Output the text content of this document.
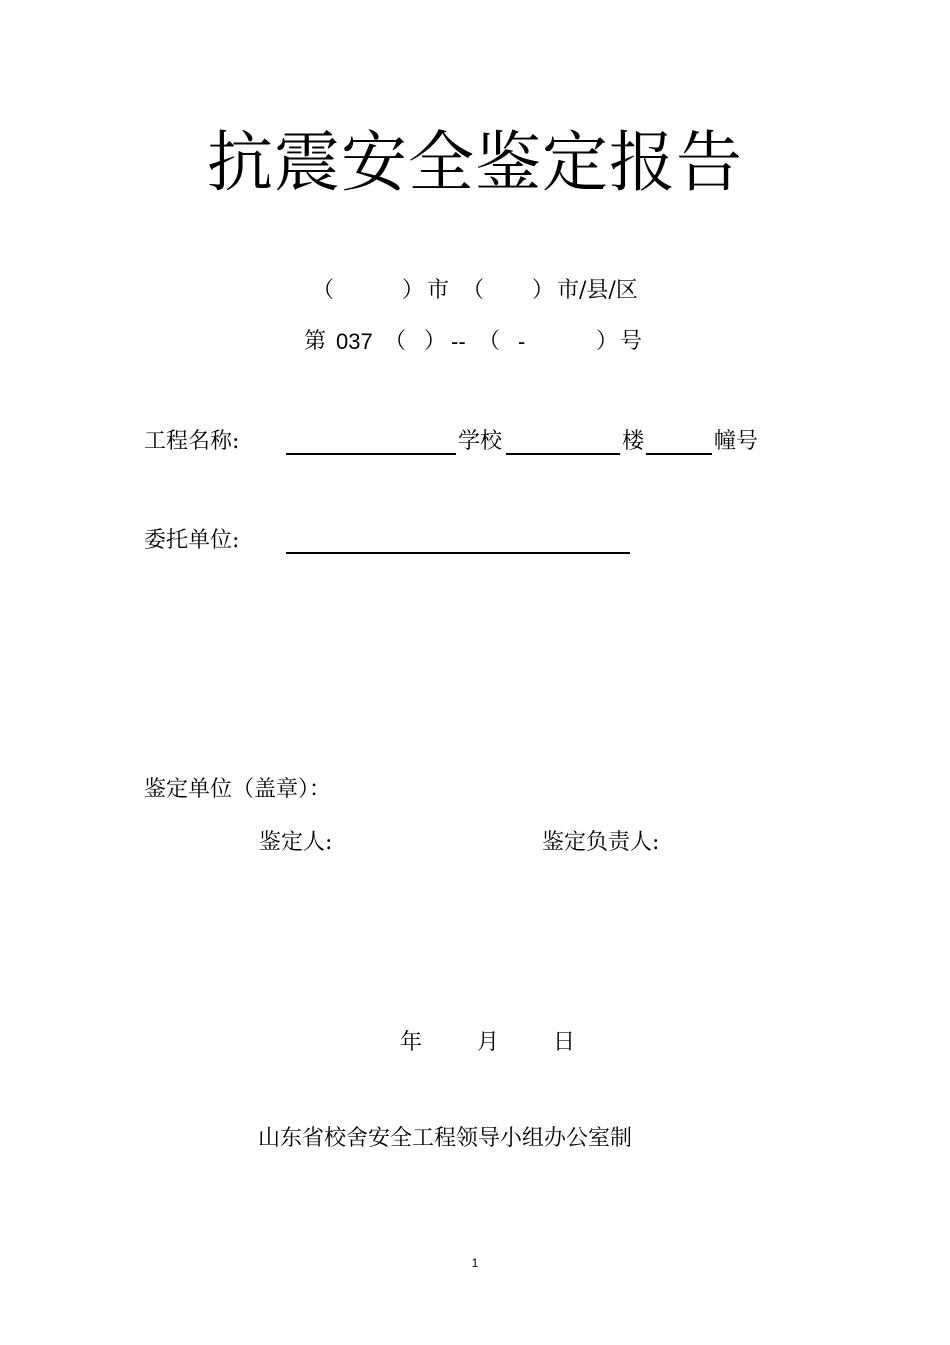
抗震安全鉴定报告
（	） 市 （ ） 市/县/区
第 037 （ ） -- （ -	） 号
工程名称:	学校	楼	幢号
委托单位:
鉴定单位（盖章）：
鉴定人:	鉴定负责人:
年 月 日
山东省校舍安全工程领导小组办公室制
1
